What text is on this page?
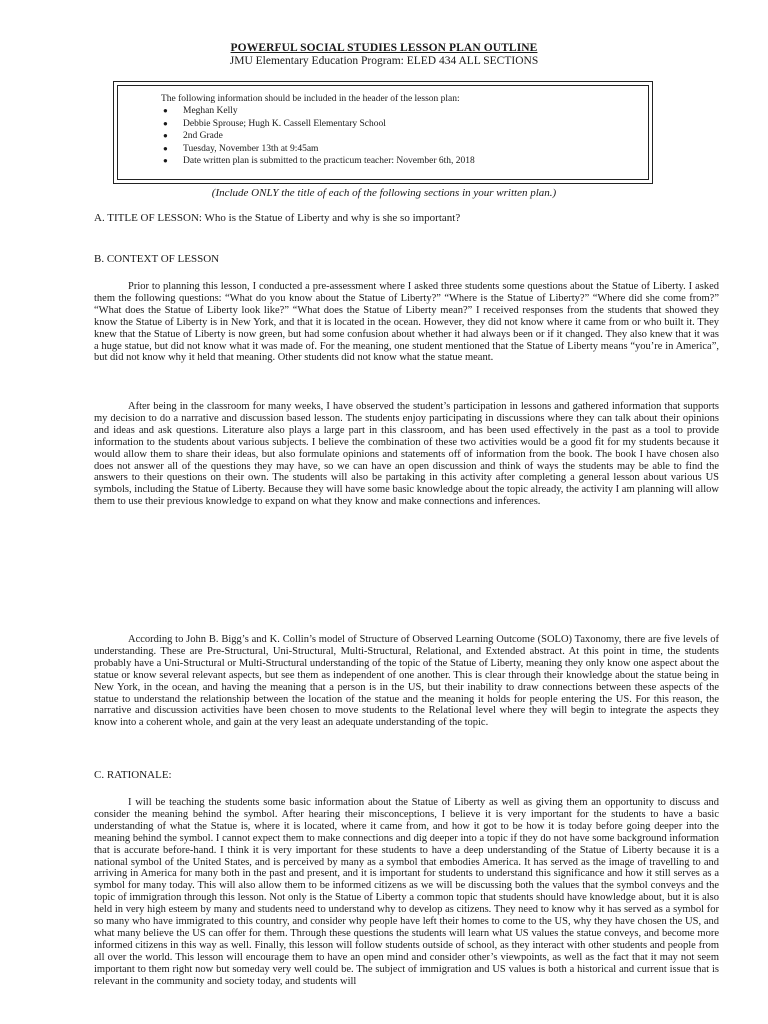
POWERFUL SOCIAL STUDIES LESSON PLAN OUTLINE
JMU Elementary Education Program: ELED 434 ALL SECTIONS
The following information should be included in the header of the lesson plan:
● Meghan Kelly
● Debbie Sprouse; Hugh K. Cassell Elementary School
● 2nd Grade
● Tuesday, November 13th at 9:45am
● Date written plan is submitted to the practicum teacher: November 6th, 2018
(Include ONLY the title of each of the following sections in your written plan.)
A. TITLE OF LESSON: Who is the Statue of Liberty and why is she so important?
B. CONTEXT OF LESSON

Prior to planning this lesson, I conducted a pre-assessment where I asked three students some questions about the Statue of Liberty. I asked them the following questions: “What do you know about the Statue of Liberty?” “Where is the Statue of Liberty?” “Where did she come from?” “What does the Statue of Liberty look like?” “What does the Statue of Liberty mean?” I received responses from the students that showed they know the Statue of Liberty is in New York, and that it is located in the ocean. However, they did not know where it came from or who built it. They knew that the Statue of Liberty is now green, but had some confusion about whether it had always been or if it changed. They also knew that it was a huge statue, but did not know what it was made of. For the meaning, one student mentioned that the Statue of Liberty means “you’re in America”, but did not know why it held that meaning. Other students did not know what the statue meant.

After being in the classroom for many weeks, I have observed the student’s participation in lessons and gathered information that supports my decision to do a narrative and discussion based lesson. The students enjoy participating in discussions where they can talk about their opinions and ideas and ask questions. Literature also plays a large part in this classroom, and has been used effectively in the past as a tool to provide information to the students about various subjects. I believe the combination of these two activities would be a good fit for my students because it would allow them to share their ideas, but also formulate opinions and statements off of information from the book. The book I have chosen also does not answer all of the questions they may have, so we can have an open discussion and think of ways the students may be able to find the answers to their questions on their own. The students will also be partaking in this activity after completing a general lesson about various US symbols, including the Statue of Liberty. Because they will have some basic knowledge about the topic already, the activity I am planning will allow them to use their previous knowledge to expand on what they know and make connections and inferences.

According to John B. Bigg’s and K. Collin’s model of Structure of Observed Learning Outcome (SOLO) Taxonomy, there are five levels of understanding. These are Pre-Structural, Uni-Structural, Multi-Structural, Relational, and Extended abstract. At this point in time, the students probably have a Uni-Structural or Multi-Structural understanding of the topic of the Statue of Liberty, meaning they only know one aspect about the statue or know several relevant aspects, but see them as independent of one another. This is clear through their knowledge about the statue being in New York, in the ocean, and having the meaning that a person is in the US, but their inability to draw connections between these aspects of the statue to understand the relationship between the location of the statue and the meaning it holds for people entering the US. For this reason, the narrative and discussion activities have been chosen to move students to the Relational level where they will begin to integrate the aspects they know into a coherent whole, and gain at the very least an adequate understanding of the topic.

C. RATIONALE:

I will be teaching the students some basic information about the Statue of Liberty as well as giving them an opportunity to discuss and consider the meaning behind the symbol. After hearing their misconceptions, I believe it is very important for the students to have a basic understanding of what the Statue is, where it is located, where it came from, and how it got to be how it is today before going deeper into the meaning behind the symbol. I cannot expect them to make connections and dig deeper into a topic if they do not have some background information that is accurate before-hand. I think it is very important for these students to have a deep understanding of the Statue of Liberty because it is a national symbol of the United States, and is perceived by many as a symbol that embodies America. It has served as the image of travelling to and arriving in America for many both in the past and present, and it is important for students to understand this significance and how it still serves as a symbol for many today. This will also allow them to be informed citizens as we will be discussing both the values that the symbol conveys and the topic of immigration through this lesson. Not only is the Statue of Liberty a common topic that students should have knowledge about, but it is also held in very high esteem by many and students need to understand why to develop as citizens. They need to know why it has served as a symbol for so many who have immigrated to this country, and consider why people have left their homes to come to the US, why they have chosen the US, and what many believe the US can offer for them. Through these questions the students will learn what US values the statue conveys, and become more informed citizens in this way as well. Finally, this lesson will follow students outside of school, as they interact with other students and people from all over the world. This lesson will encourage them to have an open mind and consider other’s viewpoints, as well as the fact that it may not seem important to them right now but someday very well could be. The subject of immigration and US values is both a historical and current issue that is relevant in the community and society today, and students will
